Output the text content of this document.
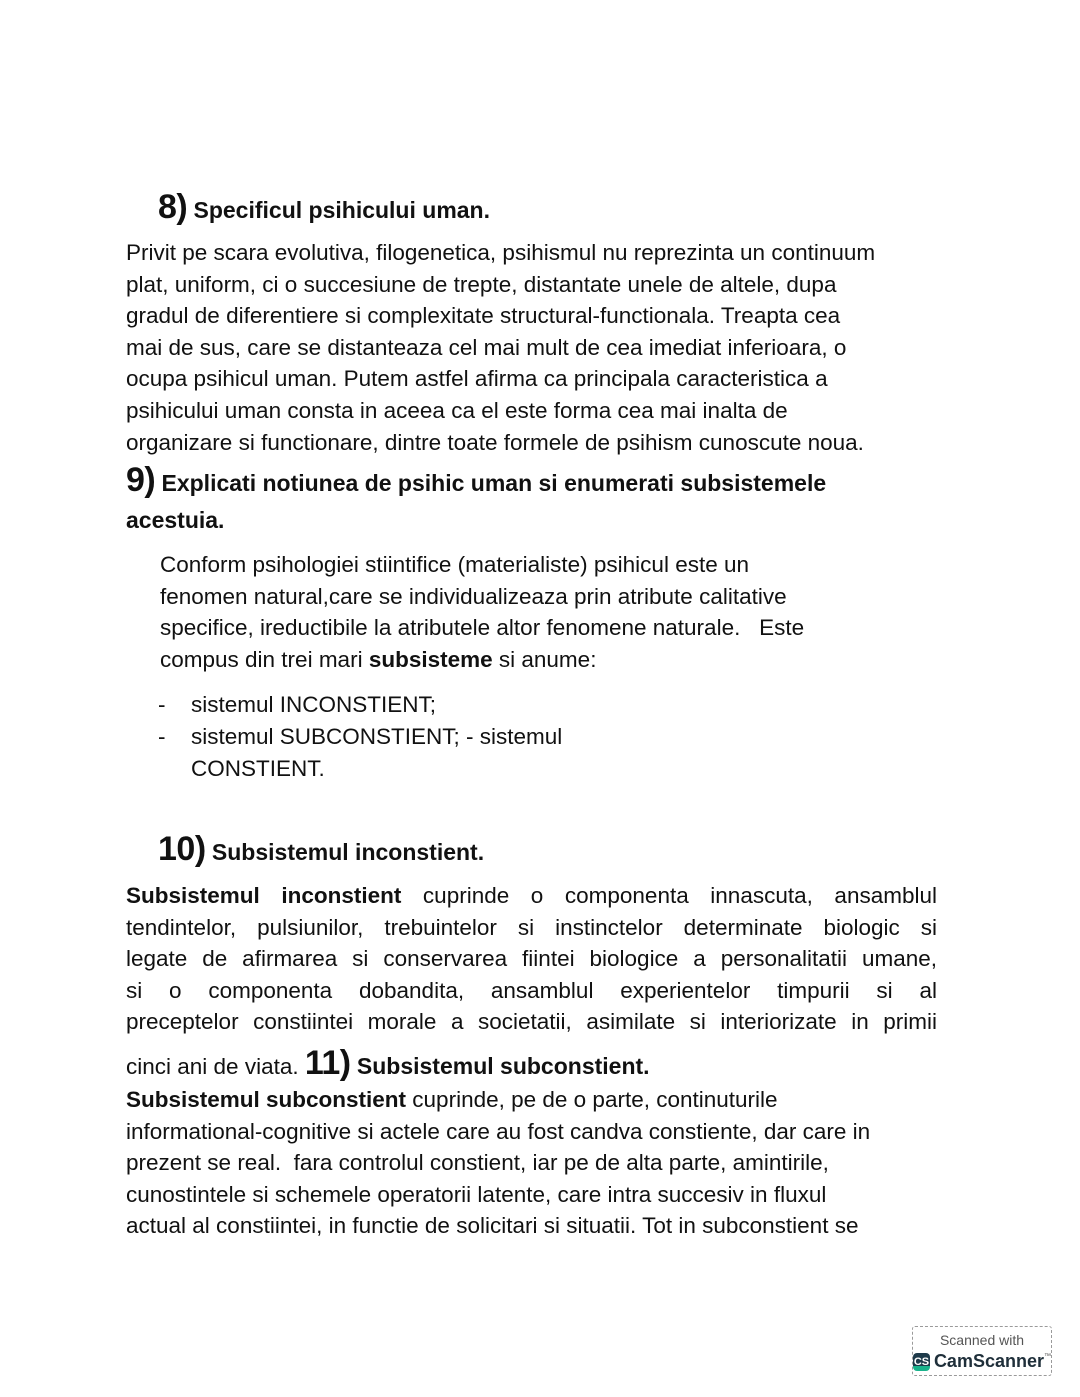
8) Specificul psihicului uman.
Privit pe scara evolutiva, filogenetica, psihismul nu reprezinta un continuum
plat, uniform, ci o succesiune de trepte, distantate unele de altele, dupa
gradul de diferentiere si complexitate structural-functionala. Treapta cea
mai de sus, care se distanteaza cel mai mult de cea imediat inferioara, o
ocupa psihicul uman. Putem astfel afirma ca principala caracteristica a
psihicului uman consta in aceea ca el este forma cea mai inalta de
organizare si functionare, dintre toate formele de psihism cunoscute noua.
9) Explicati notiunea de psihic uman si enumerati subsistemele
acestuia.
Conform psihologiei stiintifice (materialiste) psihicul este un
fenomen natural,care se individualizeaza prin atribute calitative
specifice, ireductibile la atributele altor fenomene naturale.   Este
compus din trei mari subsisteme si anume:
- sistemul INCONSTIENT;
- sistemul SUBCONSTIENT; - sistemul
CONSTIENT.
10) Subsistemul inconstient.
Subsistemul inconstient cuprinde o componenta innascuta, ansamblul
tendintelor, pulsiunilor, trebuintelor si instinctelor determinate biologic si
legate de afirmarea si conservarea fiintei biologice a personalitatii umane,
si o componenta dobandita, ansamblul experientelor timpurii si al
preceptelor constiintei morale a societatii, asimilate si interiorizate in primii
cinci ani de viata. 11) Subsistemul subconstient.
Subsistemul subconstient cuprinde, pe de o parte, continuturile
informational-cognitive si actele care au fost candva constiente, dar care in
prezent se real.  fara controlul constient, iar pe de alta parte, amintirile,
cunostintele si schemele operatorii latente, care intra succesiv in fluxul
actual al constiintei, in functie de solicitari si situatii. Tot in subconstient se
Scanned with
CS CamScanner ™
